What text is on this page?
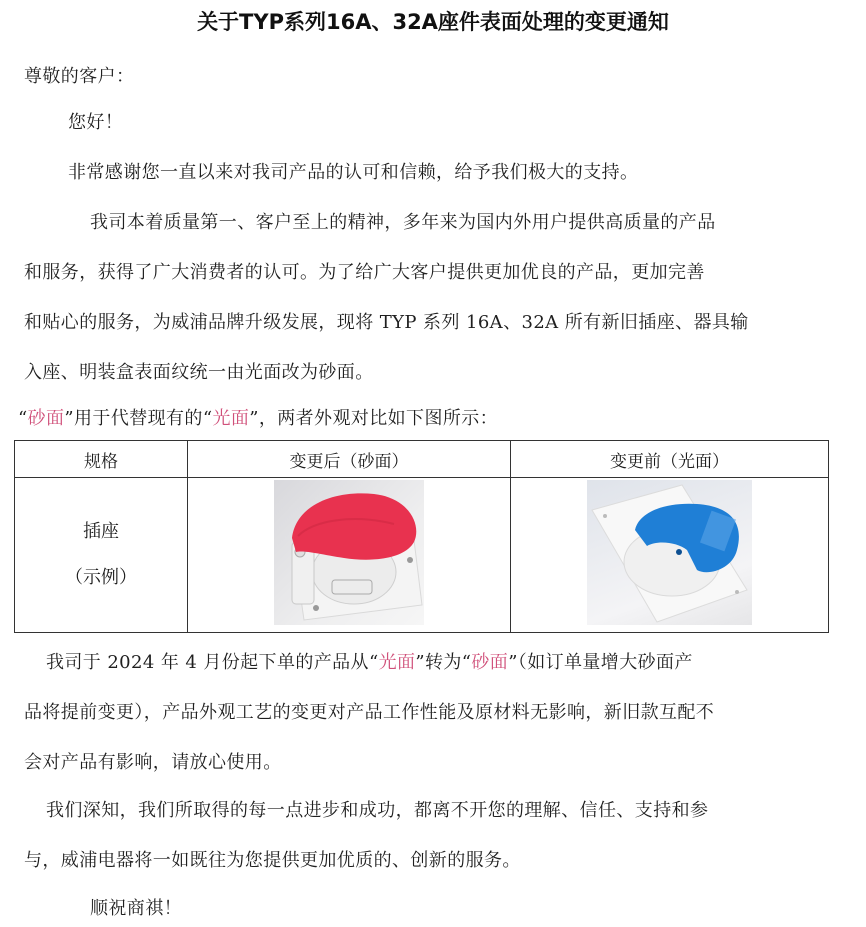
关于TYP系列16A、32A座件表面处理的变更通知
尊敬的客户：
您好！
非常感谢您一直以来对我司产品的认可和信赖，给予我们极大的支持。
我司本着质量第一、客户至上的精神，多年来为国内外用户提供高质量的产品
和服务，获得了广大消费者的认可。为了给广大客户提供更加优良的产品，更加完善
和贴心的服务，为威浦品牌升级发展，现将 TYP 系列 16A、32A 所有新旧插座、器具输
入座、明装盒表面纹统一由光面改为砂面。
“砂面”用于代替现有的“光面”，两者外观对比如下图所示：
规格	变更后（砂面）	变更前（光面）

插座
（示例）

我司于 2024 年 4 月份起下单的产品从“光面”转为“砂面”（如订单量增大砂面产
品将提前变更），产品外观工艺的变更对产品工作性能及原材料无影响，新旧款互配不
会对产品有影响，请放心使用。
我们深知，我们所取得的每一点进步和成功，都离不开您的理解、信任、支持和参
与，威浦电器将一如既往为您提供更加优质的、创新的服务。
顺祝商祺！
